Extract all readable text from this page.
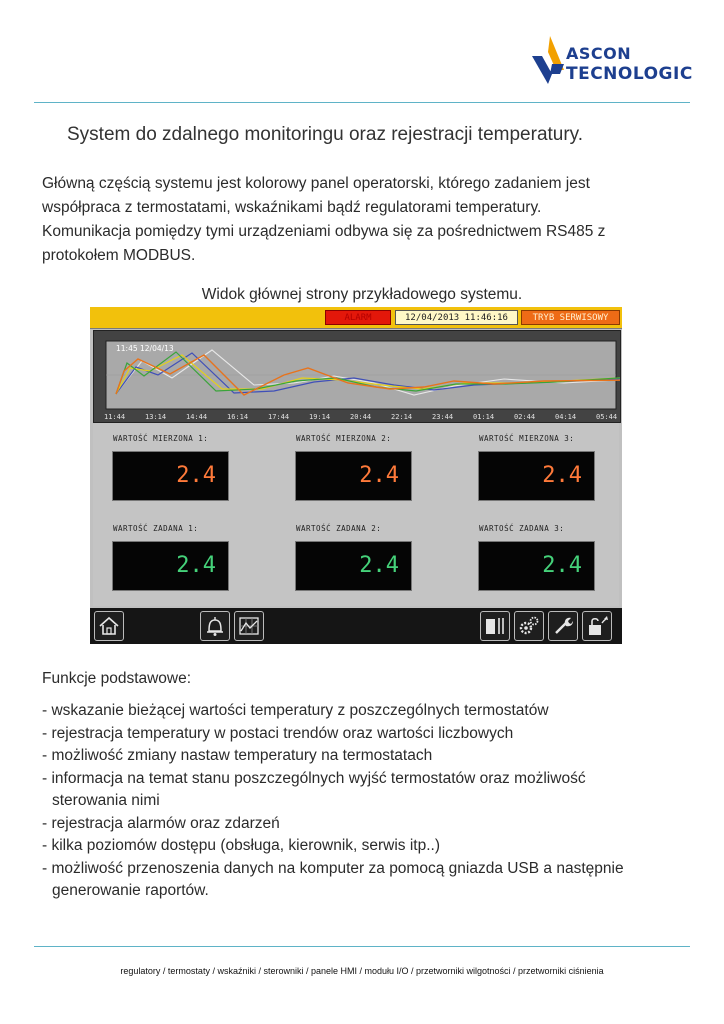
ASCON
TECNOLOGIC
System do zdalnego monitoringu oraz rejestracji temperatury.
Główną częścią systemu jest kolorowy panel operatorski, którego zadaniem jest
współpraca z termostatami, wskaźnikami bądź regulatorami temperatury.
Komunikacja pomiędzy tymi urządzeniami odbywa się za pośrednictwem RS485 z
protokołem MODBUS.
Widok głównej strony przykładowego systemu.
ALARM	12/04/2013 11:46:16	TRYB SERWISOWY
11:45 12/04/13
11:44	13:14	14:44	16:14	17:44	19:14	20:44	22:14	23:44	01:14	02:44	04:14	05:44
WARTOŚĆ MIERZONA 1:	WARTOŚĆ MIERZONA 2:	WARTOŚĆ MIERZONA 3:
2.4	2.4	2.4
WARTOŚĆ ZADANA 1:	WARTOŚĆ ZADANA 2:	WARTOŚĆ ZADANA 3:
2.4	2.4	2.4
Funkcje podstawowe:
- wskazanie bieżącej wartości temperatury z poszczególnych termostatów
- rejestracja temperatury w postaci trendów oraz wartości liczbowych
- możliwość zmiany nastaw temperatury na termostatach
- informacja na temat stanu poszczególnych wyjść termostatów oraz możliwość
sterowania nimi
- rejestracja alarmów oraz zdarzeń
- kilka poziomów dostępu (obsługa, kierownik, serwis itp..)
- możliwość przenoszenia danych na komputer za pomocą gniazda USB a następnie
generowanie raportów.
regulatory / termostaty / wskaźniki / sterowniki / panele HMI / modułu I/O / przetworniki wilgotności / przetworniki ciśnienia
